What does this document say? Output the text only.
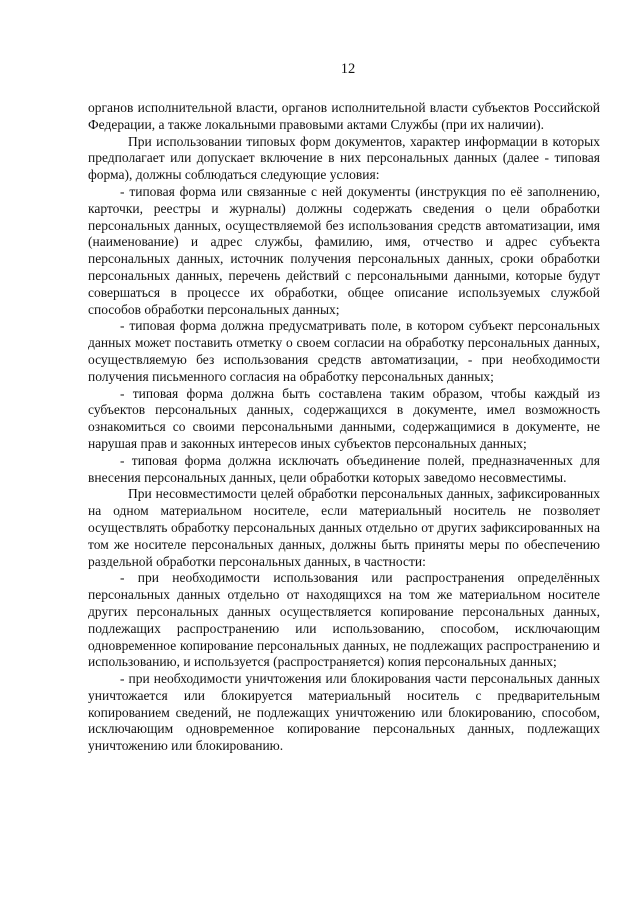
12

органов исполнительной власти, органов исполнительной власти субъектов Российской Федерации, а также локальными правовыми актами Службы (при их наличии).

При использовании типовых форм документов, характер информации в которых предполагает или допускает включение в них персональных данных (далее - типовая форма), должны соблюдаться следующие условия:

- типовая форма или связанные с ней документы (инструкция по её заполнению, карточки, реестры и журналы) должны содержать сведения о цели обработки персональных данных, осуществляемой без использования средств автоматизации, имя (наименование) и адрес службы, фамилию, имя, отчество и адрес субъекта персональных данных, источник получения персональных данных, сроки обработки персональных данных, перечень действий с персональными данными, которые будут совершаться в процессе их обработки, общее описание используемых службой способов обработки персональных данных;

- типовая форма должна предусматривать поле, в котором субъект персональных данных может поставить отметку о своем согласии на обработку персональных данных, осуществляемую без использования средств автоматизации, - при необходимости получения письменного согласия на обработку персональных данных;

- типовая форма должна быть составлена таким образом, чтобы каждый из субъектов персональных данных, содержащихся в документе, имел возможность ознакомиться со своими персональными данными, содержащимися в документе, не нарушая прав и законных интересов иных субъектов персональных данных;

- типовая форма должна исключать объединение полей, предназначенных для внесения персональных данных, цели обработки которых заведомо несовместимы.

При несовместимости целей обработки персональных данных, зафиксированных на одном материальном носителе, если материальный носитель не позволяет осуществлять обработку персональных данных отдельно от других зафиксированных на том же носителе персональных данных, должны быть приняты меры по обеспечению раздельной обработки персональных данных, в частности:

- при необходимости использования или распространения определённых персональных данных отдельно от находящихся на том же материальном носителе других персональных данных осуществляется копирование персональных данных, подлежащих распространению или использованию, способом, исключающим одновременное копирование персональных данных, не подлежащих распространению и использованию, и используется (распространяется) копия персональных данных;

- при необходимости уничтожения или блокирования части персональных данных уничтожается или блокируется материальный носитель с предварительным копированием сведений, не подлежащих уничтожению или блокированию, способом, исключающим одновременное копирование персональных данных, подлежащих уничтожению или блокированию.
